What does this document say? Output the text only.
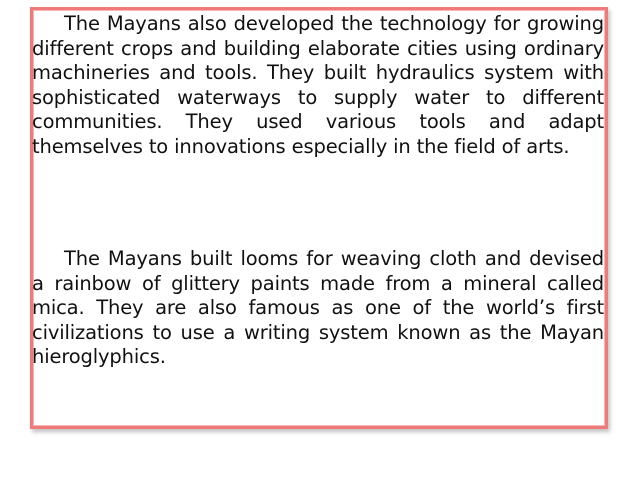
The Mayans also developed the technology for growing different crops and building elaborate cities using ordinary machineries and tools. They built hydraulics system with sophisticated waterways to supply water to different communities. They used various tools and adapt themselves to innovations especially in the field of arts.

The Mayans built looms for weaving cloth and devised a rainbow of glittery paints made from a mineral called mica. They are also famous as one of the world’s first civilizations to use a writing system known as the Mayan hieroglyphics.
